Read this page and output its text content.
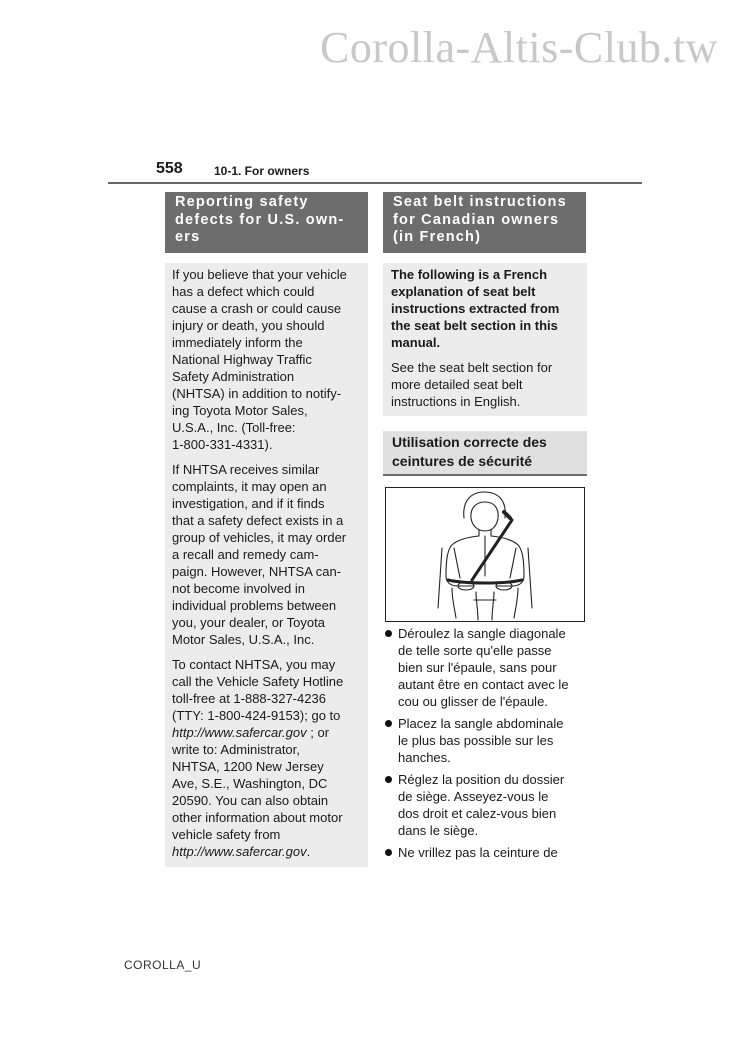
Corolla-Altis-Club.tw
558	10-1. For owners
Reporting safety
defects for U.S. own-
ers
If you believe that your vehicle
has a defect which could
cause a crash or could cause
injury or death, you should
immediately inform the
National Highway Traffic
Safety Administration
(NHTSA) in addition to notify-
ing Toyota Motor Sales,
U.S.A., Inc. (Toll-free:
1-800-331-4331).
If NHTSA receives similar
complaints, it may open an
investigation, and if it finds
that a safety defect exists in a
group of vehicles, it may order
a recall and remedy cam-
paign. However, NHTSA can-
not become involved in
individual problems between
you, your dealer, or Toyota
Motor Sales, U.S.A., Inc.
To contact NHTSA, you may
call the Vehicle Safety Hotline
toll-free at 1-888-327-4236
(TTY: 1-800-424-9153); go to
http://www.safercar.gov ; or
write to: Administrator,
NHTSA, 1200 New Jersey
Ave, S.E., Washington, DC
20590. You can also obtain
other information about motor
vehicle safety from
http://www.safercar.gov.
Seat belt instructions
for Canadian owners
(in French)
The following is a French
explanation of seat belt
instructions extracted from
the seat belt section in this
manual.
See the seat belt section for
more detailed seat belt
instructions in English.
Utilisation correcte des
ceintures de sécurité
Déroulez la sangle diagonale
de telle sorte qu'elle passe
bien sur l'épaule, sans pour
autant être en contact avec le
cou ou glisser de l'épaule.
Placez la sangle abdominale
le plus bas possible sur les
hanches.
Réglez la position du dossier
de siège. Asseyez-vous le
dos droit et calez-vous bien
dans le siège.
Ne vrillez pas la ceinture de
COROLLA_U
